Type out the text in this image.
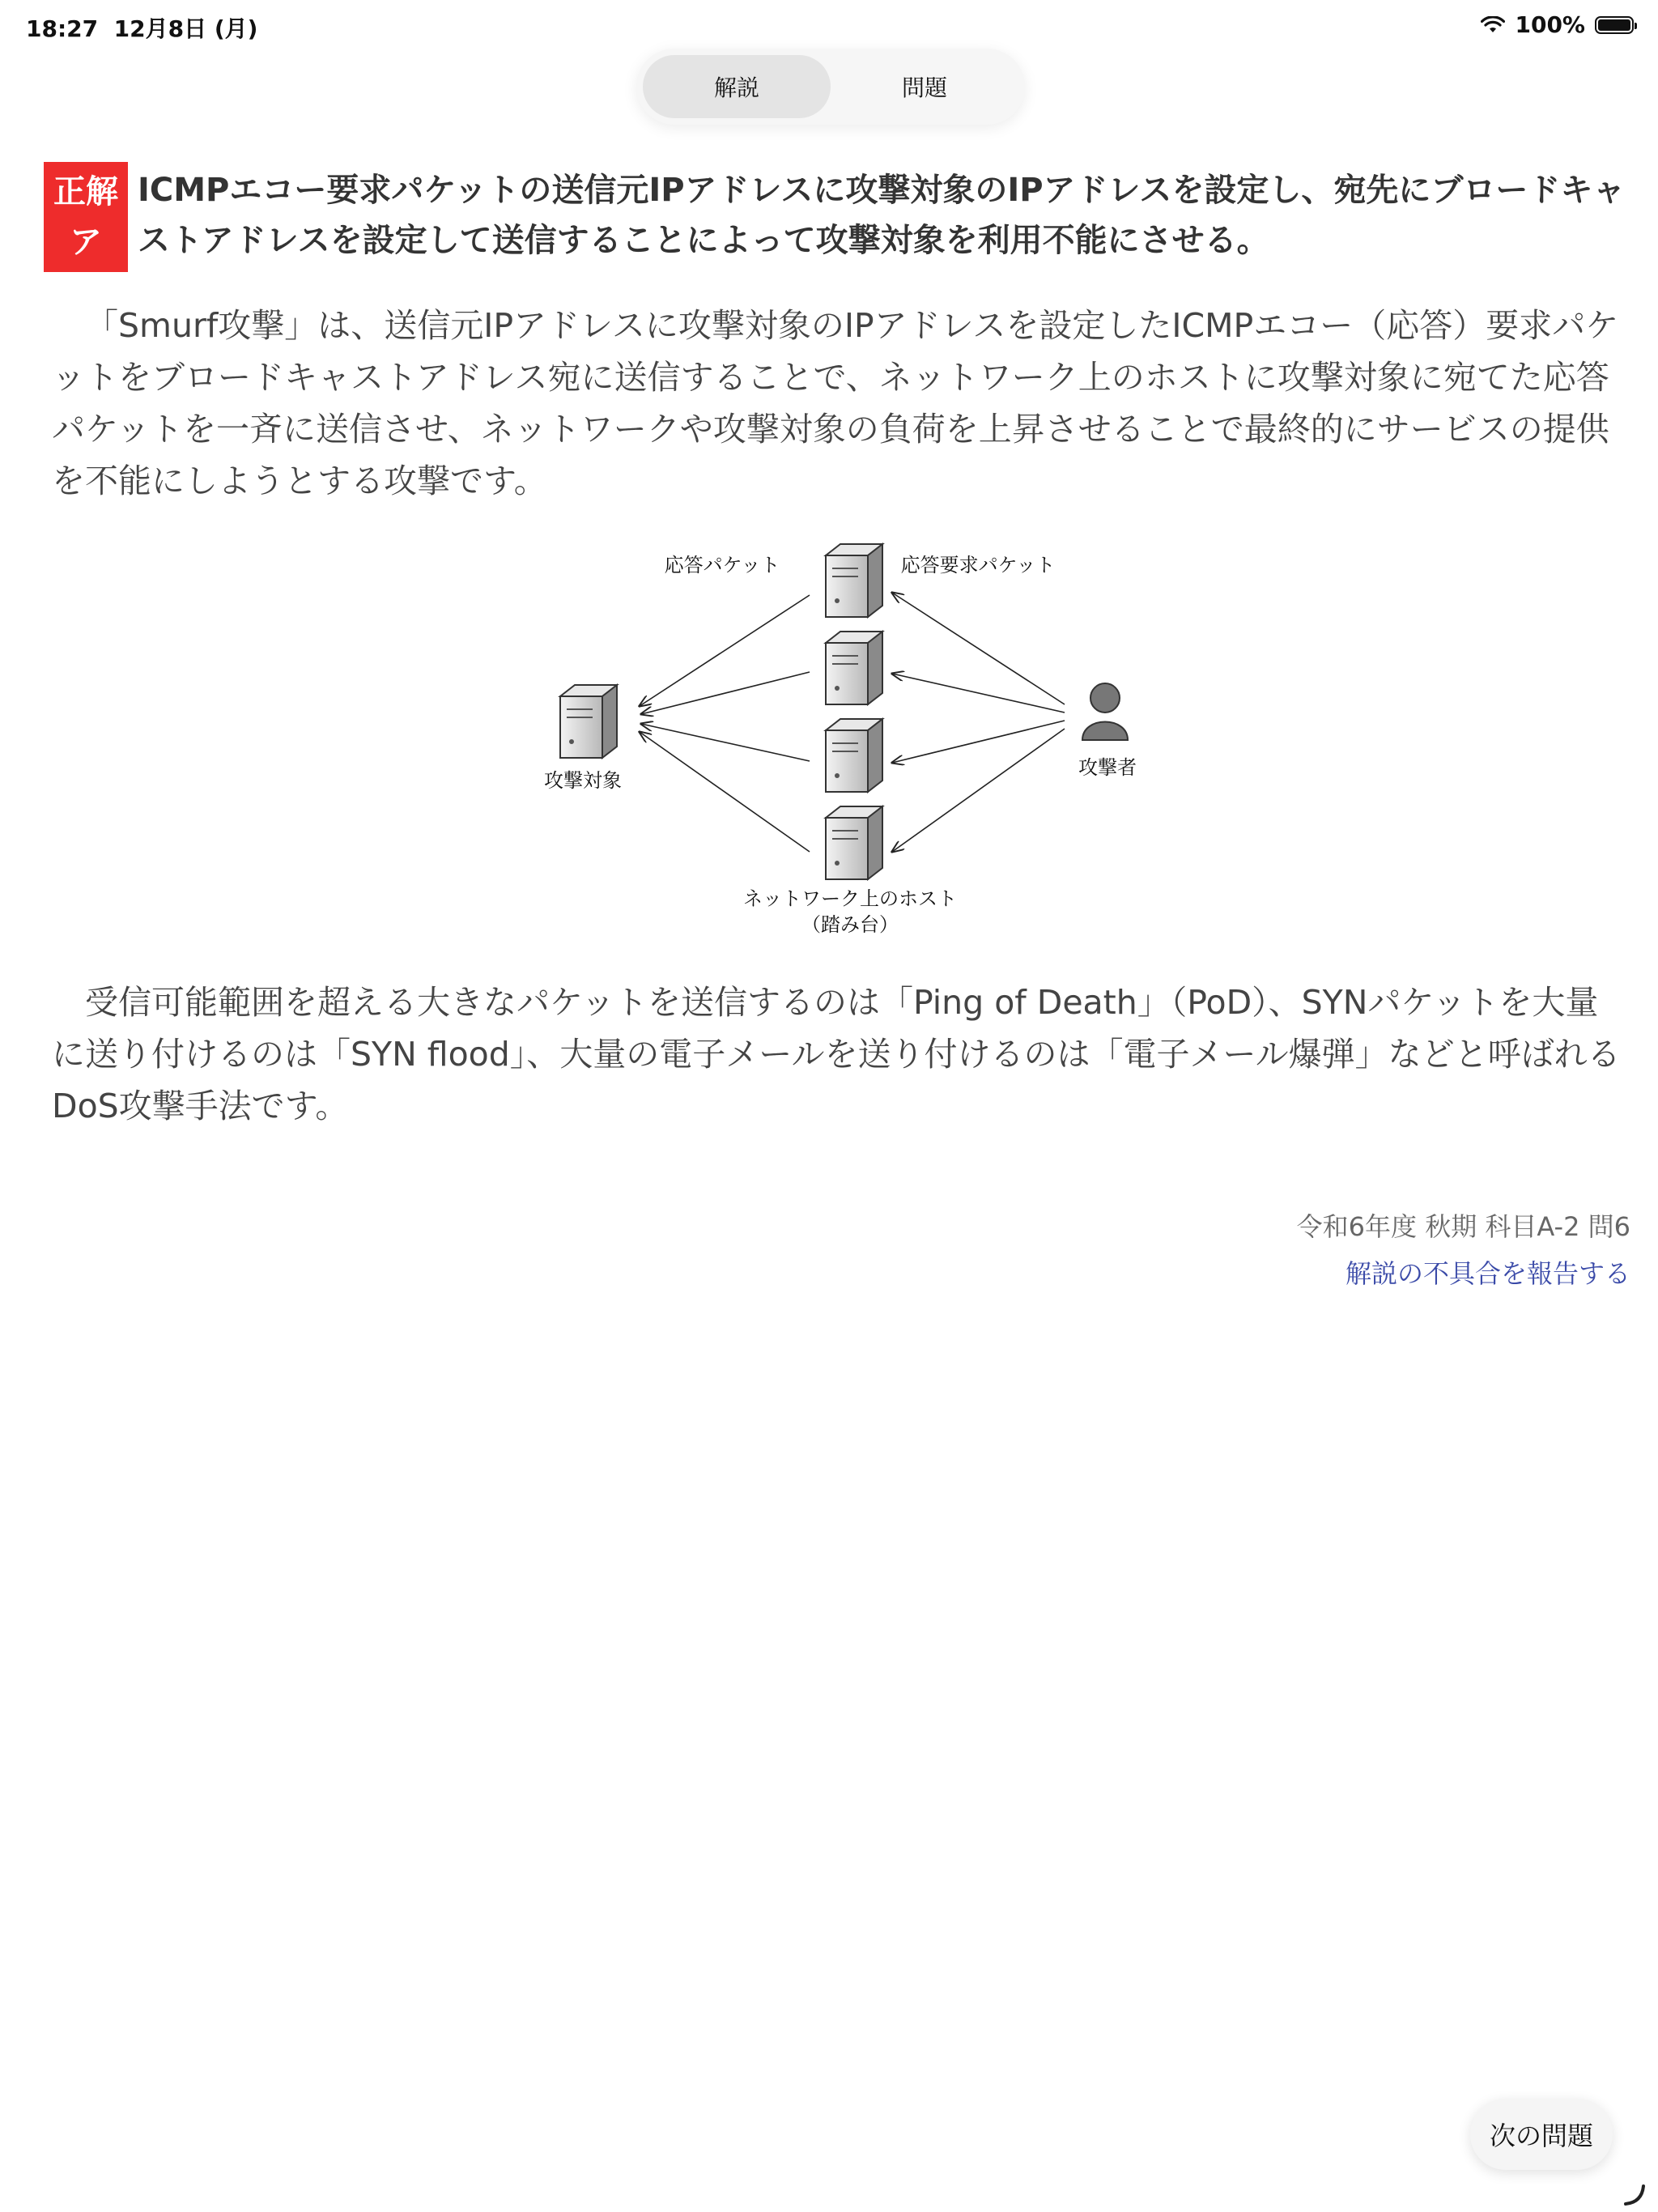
18:27 12月8日 (月)	100%
解説	問題
正解
ア
ICMPエコー要求パケットの送信元IPアドレスに攻撃対象のIPアドレスを設定し、宛先にブロードキャストアドレスを設定して送信することによって攻撃対象を利用不能にさせる。

「Smurf攻撃」は、送信元IPアドレスに攻撃対象のIPアドレスを設定したICMPエコー（応答）要求パケットをブロードキャストアドレス宛に送信することで、ネットワーク上のホストに攻撃対象に宛てた応答パケットを一斉に送信させ、ネットワークや攻撃対象の負荷を上昇させることで最終的にサービスの提供を不能にしようとする攻撃です。

応答パケット	応答要求パケット
攻撃対象
攻撃者
ネットワーク上のホスト
（踏み台）

受信可能範囲を超える大きなパケットを送信するのは「Ping of Death」（PoD）、SYNパケットを大量に送り付けるのは「SYN flood」、大量の電子メールを送り付けるのは「電子メール爆弾」などと呼ばれるDoS攻撃手法です。

令和6年度 秋期 科目A-2 問6
解説の不具合を報告する
次の問題
